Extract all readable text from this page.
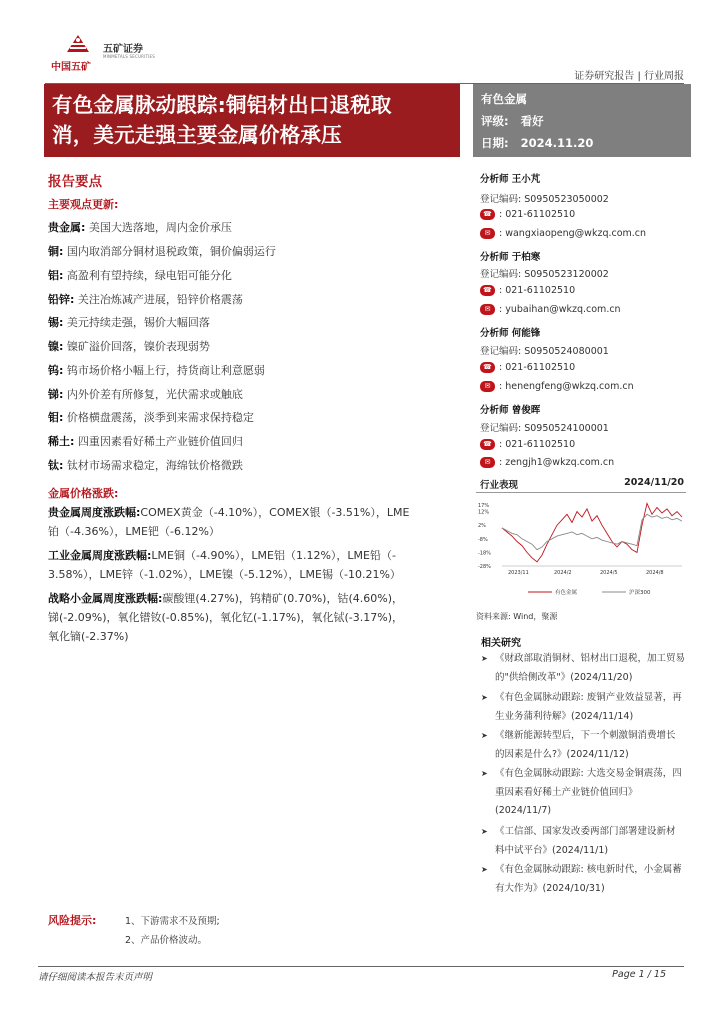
中国五矿
五矿证券
MINMETALS SECURITIES
证券研究报告 | 行业周报
有色金属脉动跟踪:铜铝材出口退税取
消，美元走强主要金属价格承压
有色金属
评级: 看好
日期: 2024.11.20
报告要点
主要观点更新:
贵金属: 美国大选落地，周内金价承压
铜: 国内取消部分铜材退税政策，铜价偏弱运行
铝: 高盈利有望持续，绿电铝可能分化
铅锌: 关注冶炼减产进展，铅锌价格震荡
锡: 美元持续走强，锡价大幅回落
镍: 镍矿溢价回落，镍价表现弱势
钨: 钨市场价格小幅上行，持货商让利意愿弱
锑: 内外价差有所修复，光伏需求或触底
钼: 价格横盘震荡，淡季到来需求保持稳定
稀土: 四重因素看好稀土产业链价值回归
钛: 钛材市场需求稳定，海绵钛价格微跌
金属价格涨跌:
贵金属周度涨跌幅:COMEX黄金（-4.10%），COMEX银（-3.51%），LME
铂（-4.36%），LME钯（-6.12%）
工业金属周度涨跌幅:LME铜（-4.90%），LME铝（1.12%），LME铅（-
3.58%），LME锌（-1.02%），LME镍（-5.12%），LME锡（-10.21%）
战略小金属周度涨跌幅:碳酸锂(4.27%)，钨精矿(0.70%)，钴(4.60%)，
锑(-2.09%)，氧化镨钕(-0.85%)，氧化钇(-1.17%)，氧化铽(-3.17%)，
氧化镝(-2.37%)
风险提示:	1、下游需求不及预期;
2、产品价格波动。
请仔细阅读本报告末页声明	Page 1 / 15
分析师 王小芃
登记编码: S0950523050002
☎ : 021-61102510
✉ : wangxiaopeng@wkzq.com.cn
分析师 于柏寒
登记编码: S0950523120002
☎ : 021-61102510
✉ : yubaihan@wkzq.com.cn
分析师 何能锋
登记编码: S0950524080001
☎ : 021-61102510
✉ : henengfeng@wkzq.com.cn
分析师 曾俊晖
登记编码: S0950524100001
☎ : 021-61102510
✉ : zengjh1@wkzq.com.cn
行业表现	2024/11/20
17%
12%
2%
-8%
-18%
-28%
2023/11	2024/2	2024/5	2024/8
有色金属	沪深300
资料来源: Wind，聚源
相关研究
➤ 《财政部取消铜材、铝材出口退税，加工贸易
的"供给侧改革"》(2024/11/20)
➤ 《有色金属脉动跟踪: 废铜产业效益显著，再
生业务蒲利待解》(2024/11/14)
➤ 《继新能源转型后，下一个刺激铜消费增长
的因素是什么?》(2024/11/12)
➤ 《有色金属脉动跟踪: 大选交易金铜震荡，四
重因素看好稀土产业链价值回归》
(2024/11/7)
➤ 《工信部、国家发改委两部门部署建设新材
料中试平台》(2024/11/1)
➤ 《有色金属脉动跟踪: 核电新时代，小金属蓄
有大作为》(2024/10/31)
